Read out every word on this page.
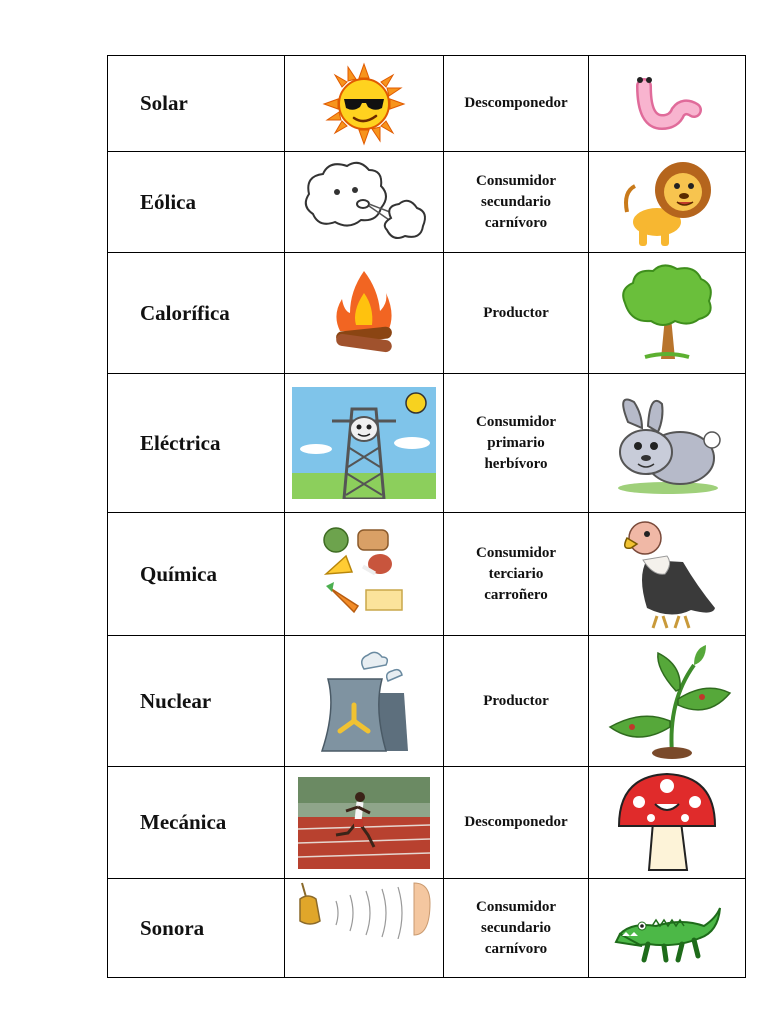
Solar		Descomponedor

Eólica		Consumidor
secundario
carnívoro

Calorífica		Productor

Eléctrica		Consumidor
primario
herbívoro

Química		Consumidor
terciario
carroñero

Nuclear		Productor

Mecánica		Descomponedor

Sonora		Consumidor
secundario
carnívoro
